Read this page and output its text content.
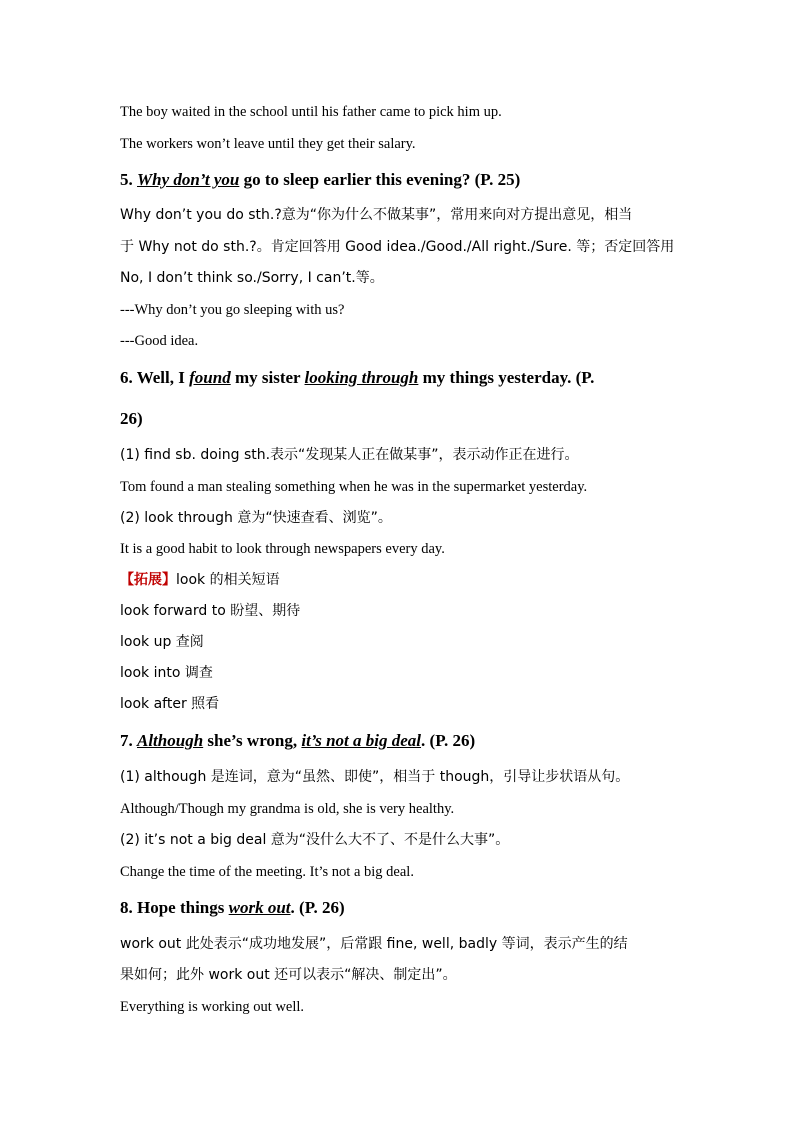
The boy waited in the school until his father came to pick him up.
The workers won’t leave until they get their salary.
5. Why don’t you go to sleep earlier this evening? (P. 25)
Why don’t you do sth.?意为“你为什么不做某事”，常用来向对方提出意见，相当
于 Why not do sth.?。肯定回答用 Good idea./Good./All right./Sure. 等；否定回答用
No, I don’t think so./Sorry, I can’t.等。
---Why don’t you go sleeping with us?
---Good idea.
6. Well, I found my sister looking through my things yesterday. (P.
26)
(1) find sb. doing sth.表示“发现某人正在做某事”，表示动作正在进行。
Tom found a man stealing something when he was in the supermarket yesterday.
(2) look through 意为“快速查看、浏览”。
It is a good habit to look through newspapers every day.
【拓展】look 的相关短语
look forward to 盼望、期待
look up 查阅
look into 调查
look after 照看
7. Although she’s wrong, it’s not a big deal. (P. 26)
(1) although 是连词，意为“虽然、即使”，相当于 though，引导让步状语从句。
Although/Though my grandma is old, she is very healthy.
(2) it’s not a big deal 意为“没什么大不了、不是什么大事”。
Change the time of the meeting. It’s not a big deal.
8. Hope things work out. (P. 26)
work out 此处表示“成功地发展”，后常跟 fine, well, badly 等词，表示产生的结
果如何；此外 work out 还可以表示“解决、制定出”。
Everything is working out well.
